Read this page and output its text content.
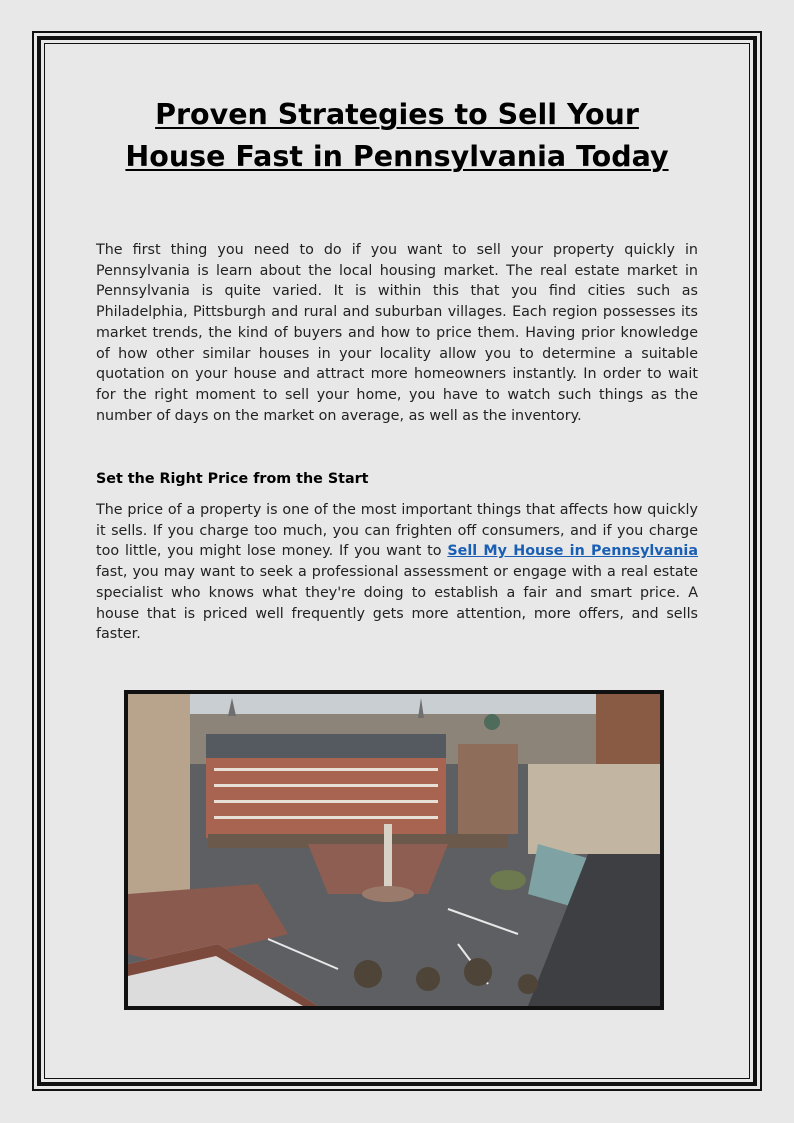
Proven Strategies to Sell Your
House Fast in Pennsylvania Today

The first thing you need to do if you want to sell your property quickly in Pennsylvania is learn about the local housing market. The real estate market in Pennsylvania is quite varied. It is within this that you find cities such as Philadelphia, Pittsburgh and rural and suburban villages. Each region possesses its market trends, the kind of buyers and how to price them. Having prior knowledge of how other similar houses in your locality allow you to determine a suitable quotation on your house and attract more homeowners instantly. In order to wait for the right moment to sell your home, you have to watch such things as the number of days on the market on average, as well as the inventory.

Set the Right Price from the Start

The price of a property is one of the most important things that affects how quickly it sells. If you charge too much, you can frighten off consumers, and if you charge too little, you might lose money. If you want to Sell My House in Pennsylvania fast, you may want to seek a professional assessment or engage with a real estate specialist who knows what they're doing to establish a fair and smart price. A house that is priced well frequently gets more attention, more offers, and sells faster.
